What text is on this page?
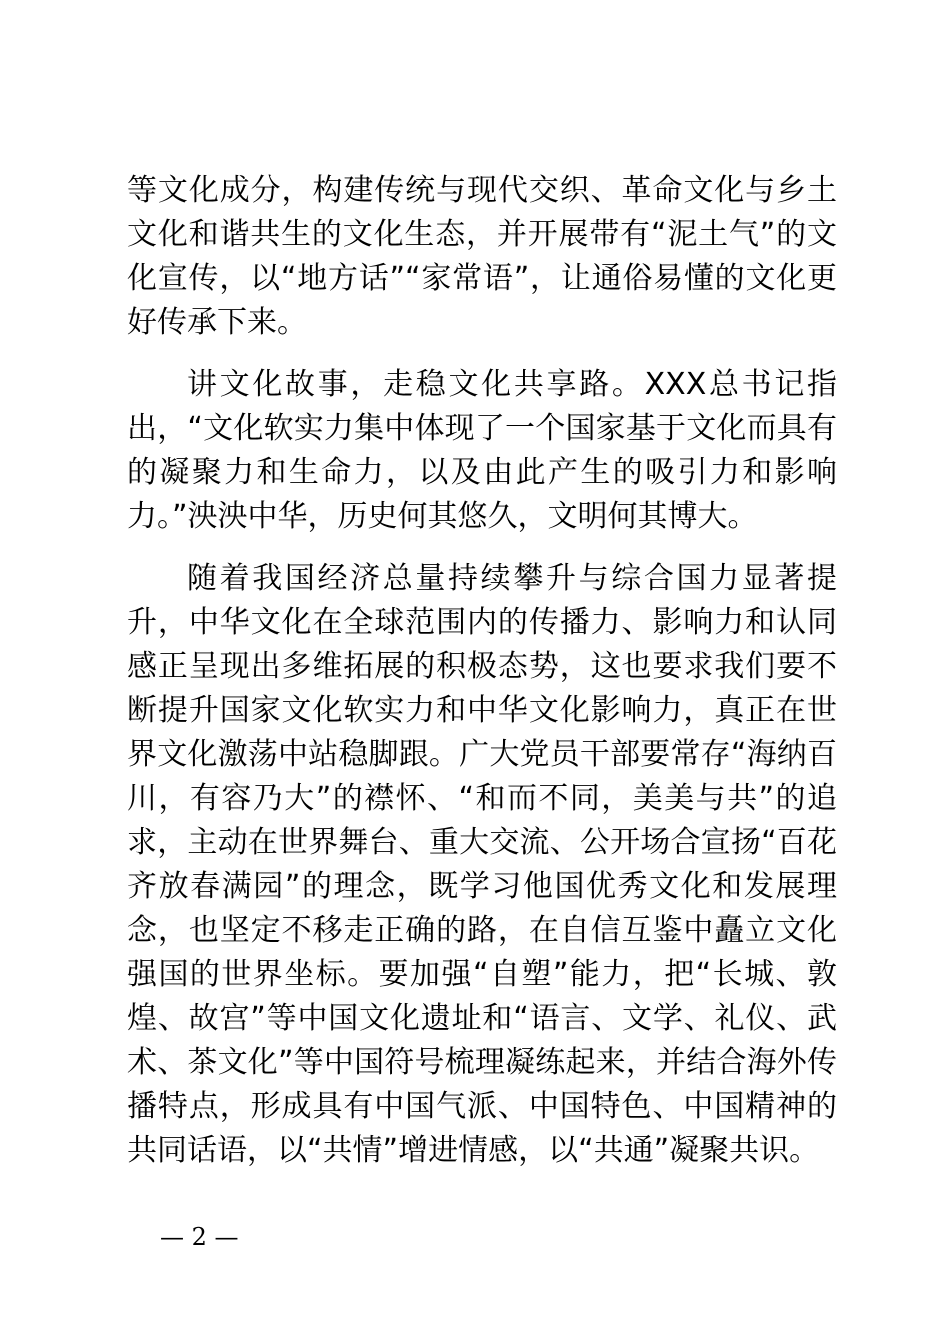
等文化成分，构建传统与现代交织、革命文化与乡土文化和谐共生的文化生态，并开展带有“泥土气”的文化宣传，以“地方话”“家常语”，让通俗易懂的文化更好传承下来。

讲文化故事，走稳文化共享路。XXX总书记指出，“文化软实力集中体现了一个国家基于文化而具有的凝聚力和生命力，以及由此产生的吸引力和影响力。”泱泱中华，历史何其悠久，文明何其博大。

随着我国经济总量持续攀升与综合国力显著提升，中华文化在全球范围内的传播力、影响力和认同感正呈现出多维拓展的积极态势，这也要求我们要不断提升国家文化软实力和中华文化影响力，真正在世界文化激荡中站稳脚跟。广大党员干部要常存“海纳百川，有容乃大”的襟怀、“和而不同，美美与共”的追求，主动在世界舞台、重大交流、公开场合宣扬“百花齐放春满园”的理念，既学习他国优秀文化和发展理念，也坚定不移走正确的路，在自信互鉴中矗立文化强国的世界坐标。要加强“自塑”能力，把“长城、敦煌、故宫”等中国文化遗址和“语言、文学、礼仪、武术、茶文化”等中国符号梳理凝练起来，并结合海外传播特点，形成具有中国气派、中国特色、中国精神的共同话语，以“共情”增进情感，以“共通”凝聚共识。

— 2 —
